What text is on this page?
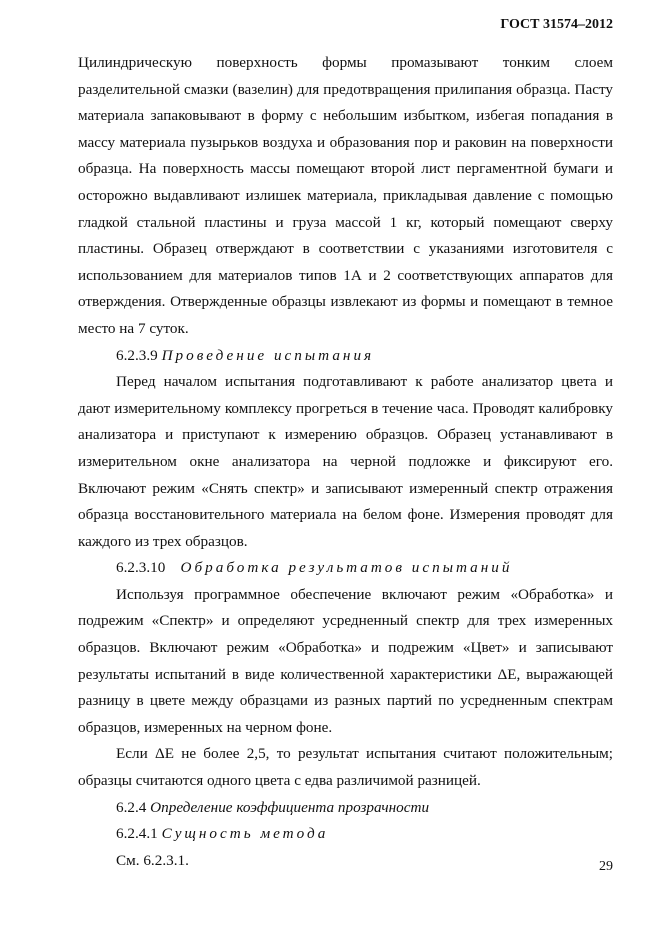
ГОСТ 31574–2012

Цилиндрическую поверхность формы промазывают тонким слоем разделительной смазки (вазелин) для предотвращения прилипания образца. Пасту материала запаковывают в форму с небольшим избытком, избегая попадания в массу материала пузырьков воздуха и образования пор и раковин на поверхности образца. На поверхность массы помещают второй лист пергаментной бумаги и осторожно выдавливают излишек материала, прикладывая давление с помощью гладкой стальной пластины и груза массой 1 кг, который помещают сверху пластины. Образец отверждают в соответствии с указаниями изготовителя с использованием для материалов типов 1А и 2 соответствующих аппаратов для отверждения. Отвержденные образцы извлекают из формы и помещают в темное место на 7 суток.

6.2.3.9 Проведение испытания

Перед началом испытания подготавливают к работе анализатор цвета и дают измерительному комплексу прогреться в течение часа. Проводят калибровку анализатора и приступают к измерению образцов. Образец устанавливают в измерительном окне анализатора на черной подложке и фиксируют его. Включают режим «Снять спектр» и записывают измеренный спектр отражения образца восстановительного материала на белом фоне. Измерения проводят для каждого из трех образцов.

6.2.3.10 Обработка результатов испытаний

Используя программное обеспечение включают режим «Обработка» и подрежим «Спектр» и определяют усредненный спектр для трех измеренных образцов. Включают режим «Обработка» и подрежим «Цвет» и записывают результаты испытаний в виде количественной характеристики ΔE, выражающей разницу в цвете между образцами из разных партий по усредненным спектрам образцов, измеренных на черном фоне.

Если ΔE не более 2,5, то результат испытания считают положительным; образцы считаются одного цвета с едва различимой разницей.

6.2.4 Определение коэффициента прозрачности

6.2.4.1 Сущность метода

См. 6.2.3.1.	29
